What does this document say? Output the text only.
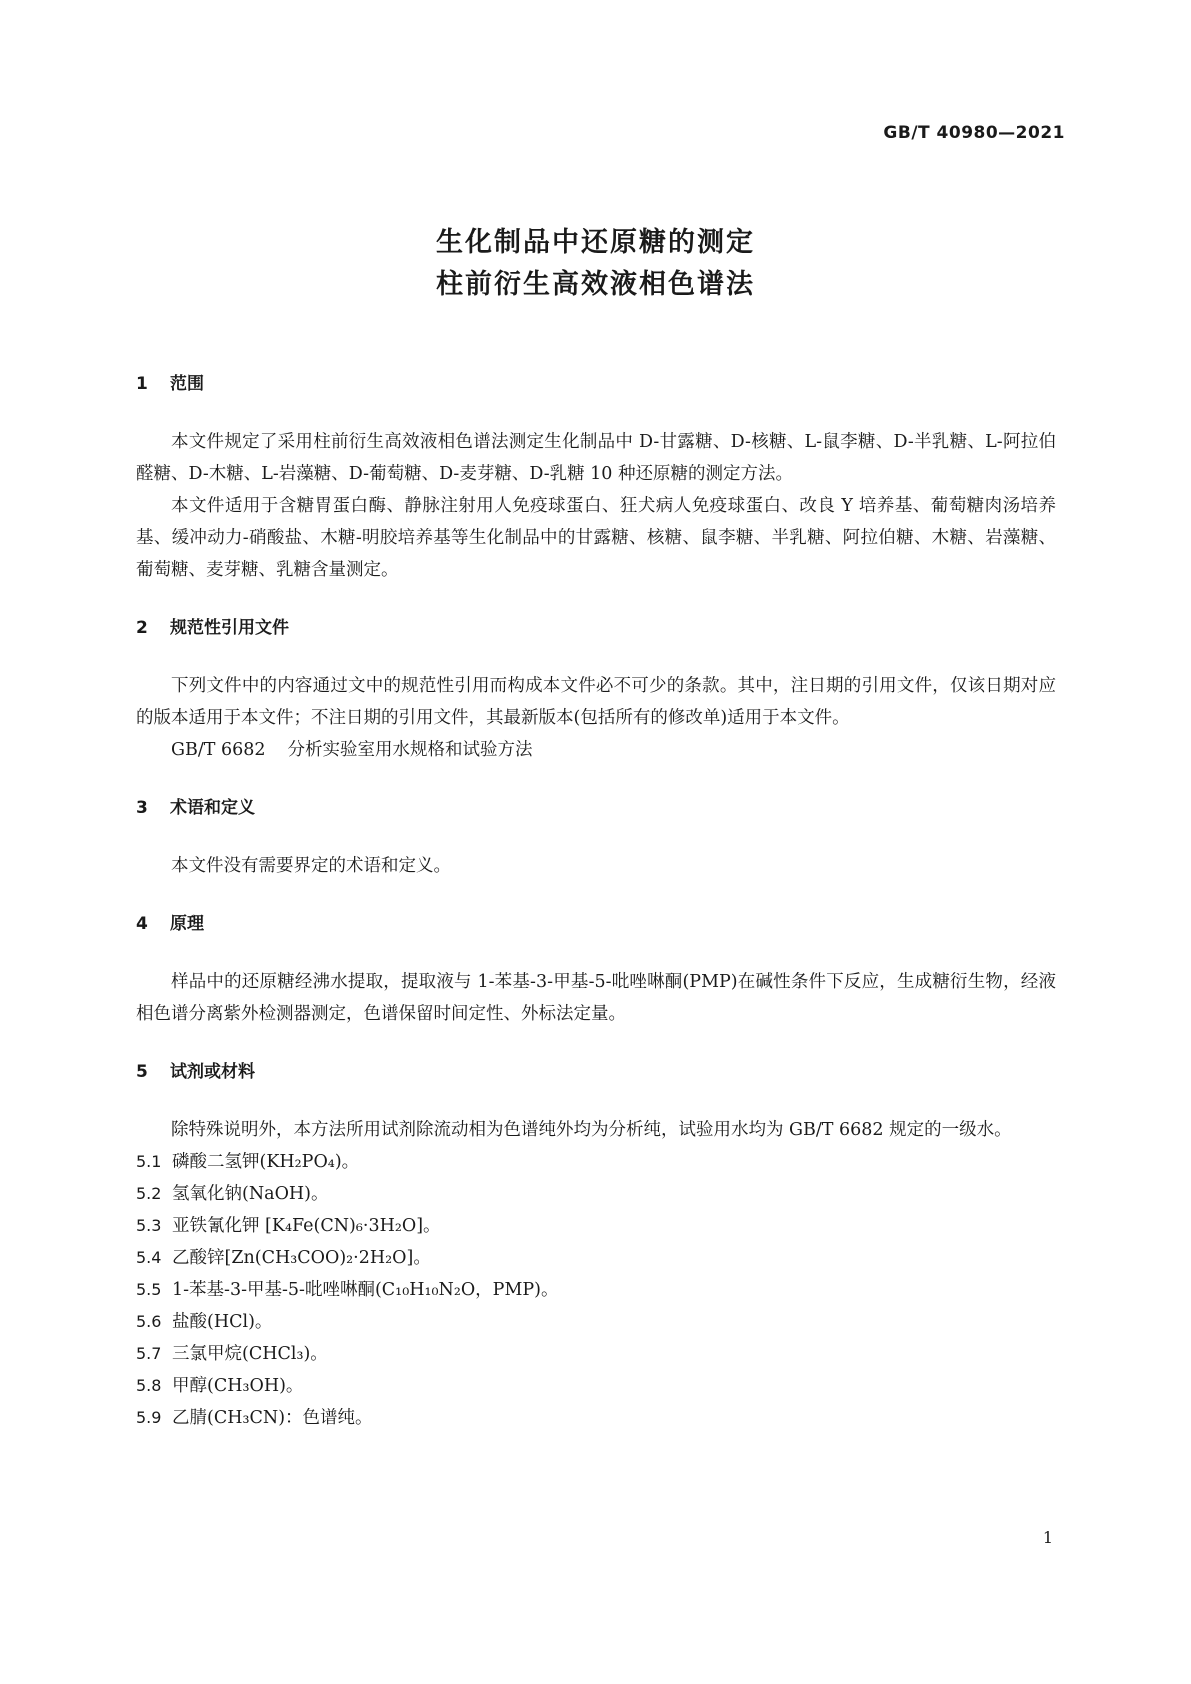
GB/T 40980—2021
生化制品中还原糖的测定
柱前衍生高效液相色谱法
1 范围

本文件规定了采用柱前衍生高效液相色谱法测定生化制品中 D-甘露糖、D-核糖、L-鼠李糖、D-半乳糖、L-阿拉伯醛糖、D-木糖、L-岩藻糖、D-葡萄糖、D-麦芽糖、D-乳糖 10 种还原糖的测定方法。

本文件适用于含糖胃蛋白酶、静脉注射用人免疫球蛋白、狂犬病人免疫球蛋白、改良 Y 培养基、葡萄糖肉汤培养基、缓冲动力-硝酸盐、木糖-明胶培养基等生化制品中的甘露糖、核糖、鼠李糖、半乳糖、阿拉伯糖、木糖、岩藻糖、葡萄糖、麦芽糖、乳糖含量测定。

2 规范性引用文件

下列文件中的内容通过文中的规范性引用而构成本文件必不可少的条款。其中，注日期的引用文件，仅该日期对应的版本适用于本文件；不注日期的引用文件，其最新版本(包括所有的修改单)适用于本文件。

GB/T 6682 分析实验室用水规格和试验方法

3 术语和定义

本文件没有需要界定的术语和定义。

4 原理

样品中的还原糖经沸水提取，提取液与 1-苯基-3-甲基-5-吡唑啉酮(PMP)在碱性条件下反应，生成糖衍生物，经液相色谱分离紫外检测器测定，色谱保留时间定性、外标法定量。

5 试剂或材料

除特殊说明外，本方法所用试剂除流动相为色谱纯外均为分析纯，试验用水均为 GB/T 6682 规定的一级水。

5.1 磷酸二氢钾(KH₂PO₄)。
5.2 氢氧化钠(NaOH)。
5.3 亚铁氰化钾 [K₄Fe(CN)₆·3H₂O]。
5.4 乙酸锌[Zn(CH₃COO)₂·2H₂O]。
5.5 1-苯基-3-甲基-5-吡唑啉酮(C₁₀H₁₀N₂O，PMP)。
5.6 盐酸(HCl)。
5.7 三氯甲烷(CHCl₃)。
5.8 甲醇(CH₃OH)。
5.9 乙腈(CH₃CN)：色谱纯。
1
